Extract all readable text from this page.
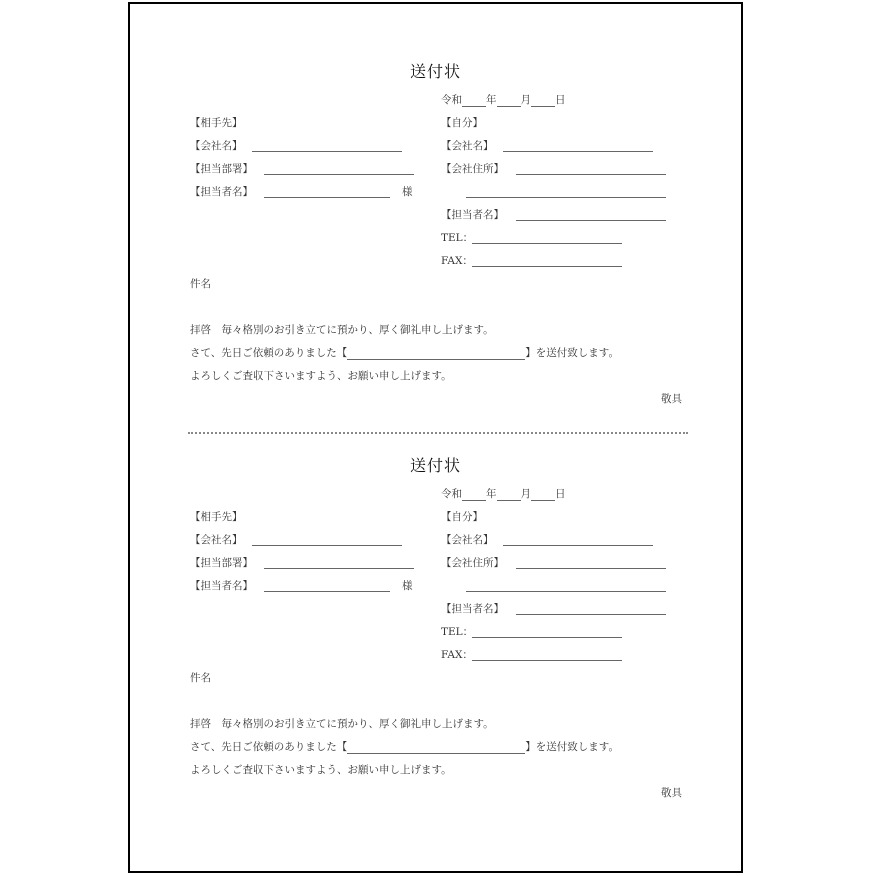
送付状
令和 年 月 日
【相手先】
【会社名】
【担当部署】
【担当者名】	様
【自分】
【会社名】
【会社住所】
【担当者名】
TEL：
FAX：
件名
拝啓　毎々格別のお引き立てに預かり、厚く御礼申し上げます。
さて、先日ご依頼のありました【	】を送付致します。
よろしくご査収下さいますよう、お願い申し上げます。
敬具
送付状
令和 年 月 日
【相手先】
【会社名】
【担当部署】
【担当者名】	様
【自分】
【会社名】
【会社住所】
【担当者名】
TEL：
FAX：
件名
拝啓　毎々格別のお引き立てに預かり、厚く御礼申し上げます。
さて、先日ご依頼のありました【	】を送付致します。
よろしくご査収下さいますよう、お願い申し上げます。
敬具
